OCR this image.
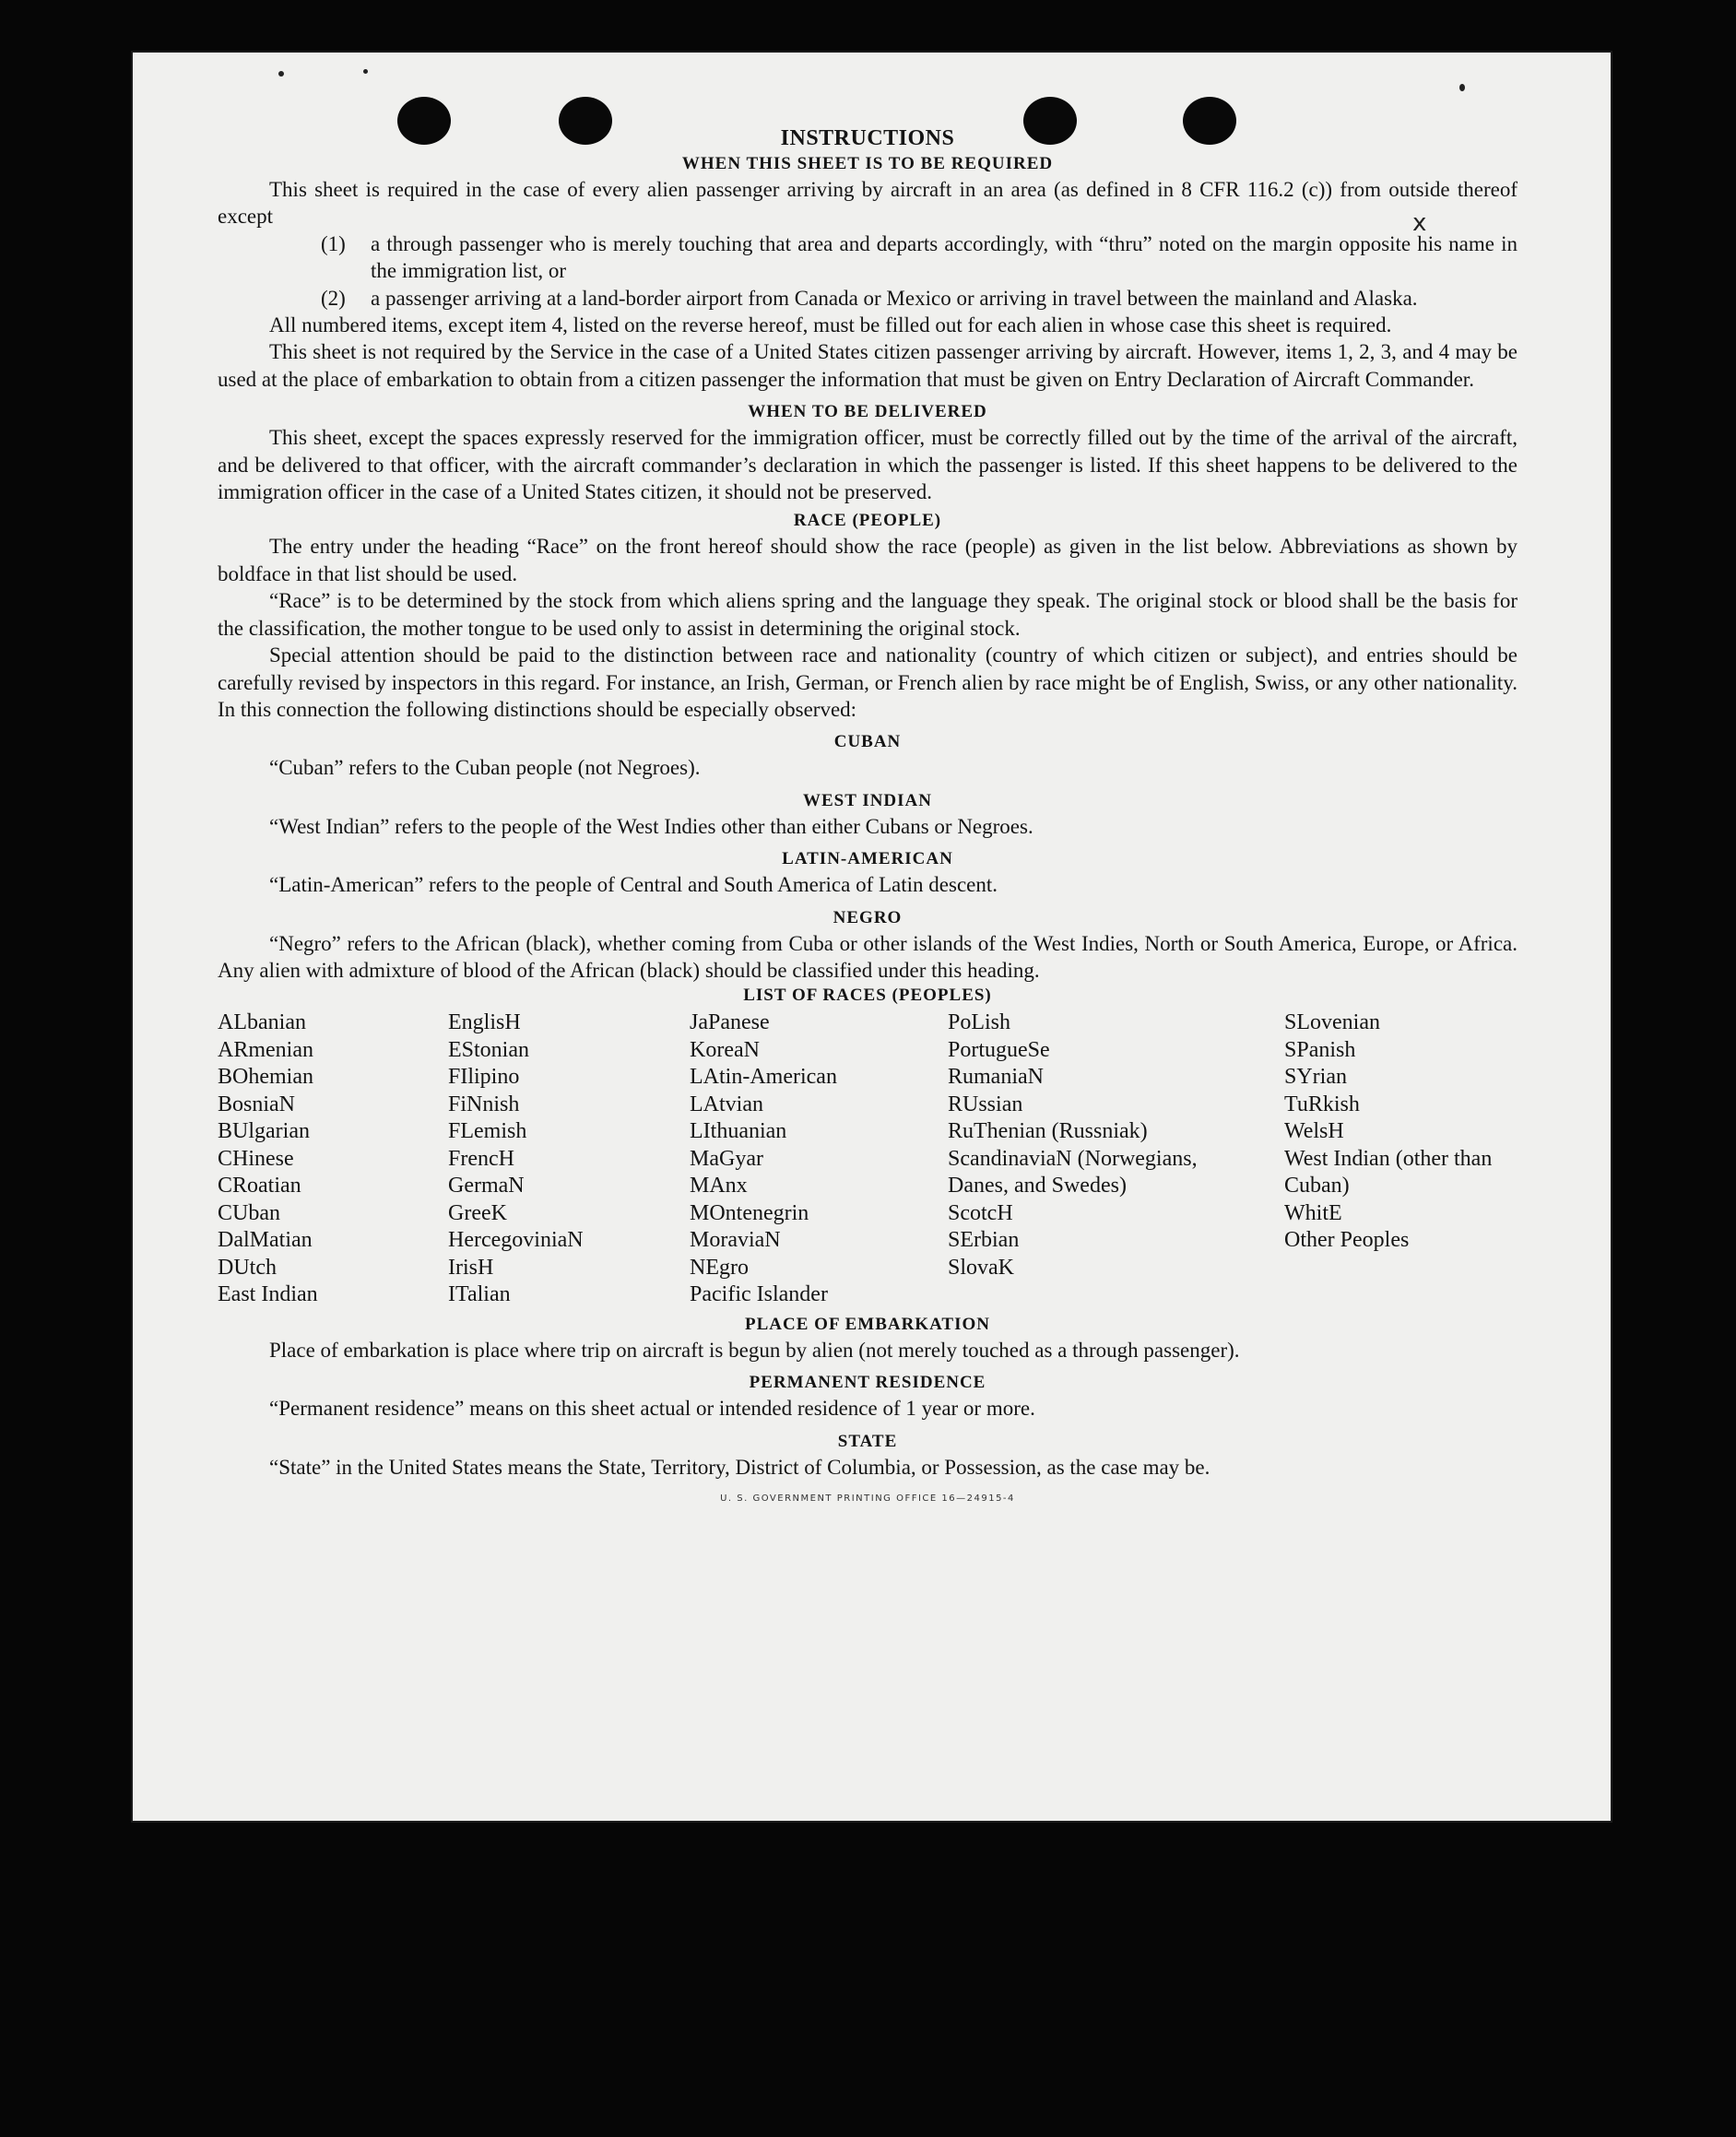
x
INSTRUCTIONS
WHEN THIS SHEET IS TO BE REQUIRED

This sheet is required in the case of every alien passenger arriving by aircraft in an area (as defined in 8 CFR 116.2 (c)) from outside thereof except

(1)	a through passenger who is merely touching that area and departs accordingly, with “thru” noted on the margin opposite his name in the immigration list, or
(2)	a passenger arriving at a land-border airport from Canada or Mexico or arriving in travel between the mainland and Alaska.

All numbered items, except item 4, listed on the reverse hereof, must be filled out for each alien in whose case this sheet is required.

This sheet is not required by the Service in the case of a United States citizen passenger arriving by aircraft. However, items 1, 2, 3, and 4 may be used at the place of embarkation to obtain from a citizen passenger the information that must be given on Entry Declaration of Aircraft Commander.

WHEN TO BE DELIVERED

This sheet, except the spaces expressly reserved for the immigration officer, must be correctly filled out by the time of the arrival of the aircraft, and be delivered to that officer, with the aircraft commander’s declaration in which the passenger is listed. If this sheet happens to be delivered to the immigration officer in the case of a United States citizen, it should not be preserved.

RACE (PEOPLE)

The entry under the heading “Race” on the front hereof should show the race (people) as given in the list below. Abbreviations as shown by boldface in that list should be used.

“Race” is to be determined by the stock from which aliens spring and the language they speak. The original stock or blood shall be the basis for the classification, the mother tongue to be used only to assist in determining the original stock.

Special attention should be paid to the distinction between race and nationality (country of which citizen or subject), and entries should be carefully revised by inspectors in this regard. For instance, an Irish, German, or French alien by race might be of English, Swiss, or any other nationality. In this connection the following distinctions should be especially observed:

CUBAN

“Cuban” refers to the Cuban people (not Negroes).

WEST INDIAN

“West Indian” refers to the people of the West Indies other than either Cubans or Negroes.

LATIN-AMERICAN

“Latin-American” refers to the people of Central and South America of Latin descent.

NEGRO

“Negro” refers to the African (black), whether coming from Cuba or other islands of the West Indies, North or South America, Europe, or Africa. Any alien with admixture of blood of the African (black) should be classified under this heading.

LIST OF RACES (PEOPLES)
ALbanian
ARmenian
BOhemian
BosniaN
BUlgarian
CHinese
CRoatian
CUban
DalMatian
DUtch
East Indian
EnglisH
EStonian
FIlipino
FiNnish
FLemish
FrencH
GermaN
GreeK
HercegoviniaN
IrisH
ITalian
JaPanese
KoreaN
LAtin-American
LAtvian
LIthuanian
MaGyar
MAnx
MOntenegrin
MoraviaN
NEgro
Pacific Islander
PoLish
PortugueSe
RumaniaN
RUssian
RuThenian (Russniak)
ScandinaviaN (Norwegians, Danes, and Swedes)
ScotcH
SErbian
SlovaK
SLovenian
SPanish
SYrian
TuRkish
WelsH
West Indian (other than Cuban)
WhitE
Other Peoples
PLACE OF EMBARKATION

Place of embarkation is place where trip on aircraft is begun by alien (not merely touched as a through passenger).

PERMANENT RESIDENCE

“Permanent residence” means on this sheet actual or intended residence of 1 year or more.

STATE

“State” in the United States means the State, Territory, District of Columbia, or Possession, as the case may be.

U. S. GOVERNMENT PRINTING OFFICE 16—24915-4
